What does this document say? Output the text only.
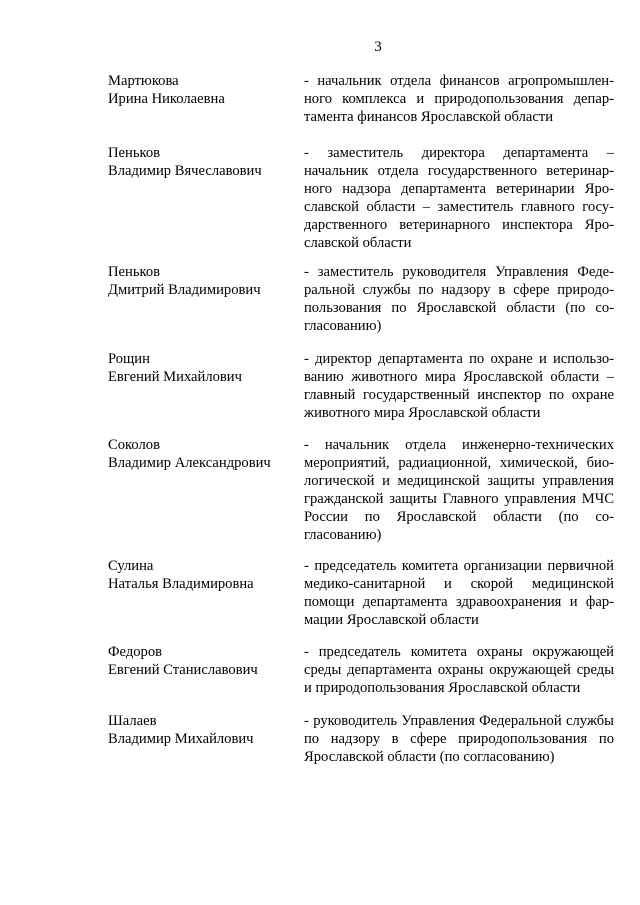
3
Мартюкова
Ирина Николаевна
- начальник отдела финансов агропромышленного комплекса и природопользования департамента финансов Ярославской области
Пеньков
Владимир Вячеславович
- заместитель директора департамента – начальник отдела государственного ветеринарного надзора департамента ветеринарии Ярославской области – заместитель главного государственного ветеринарного инспектора Ярославской области
Пеньков
Дмитрий Владимирович
- заместитель руководителя Управления Федеральной службы по надзору в сфере природопользования по Ярославской области (по согласованию)
Рощин
Евгений Михайлович
- директор департамента по охране и использованию животного мира Ярославской области – главный государственный инспектор по охране животного мира Ярославской области
Соколов
Владимир Александрович
- начальник отдела инженерно-технических мероприятий, радиационной, химической, биологической и медицинской защиты управления гражданской защиты Главного управления МЧС России по Ярославской области (по согласованию)
Сулина
Наталья Владимировна
- председатель комитета организации первичной медико-санитарной и скорой медицинской помощи департамента здравоохранения и фармации Ярославской области
Федоров
Евгений Станиславович
- председатель комитета охраны окружающей среды департамента охраны окружающей среды и природопользования Ярославской области
Шалаев
Владимир Михайлович
- руководитель Управления Федеральной службы по надзору в сфере природопользования по Ярославской области (по согласованию)
